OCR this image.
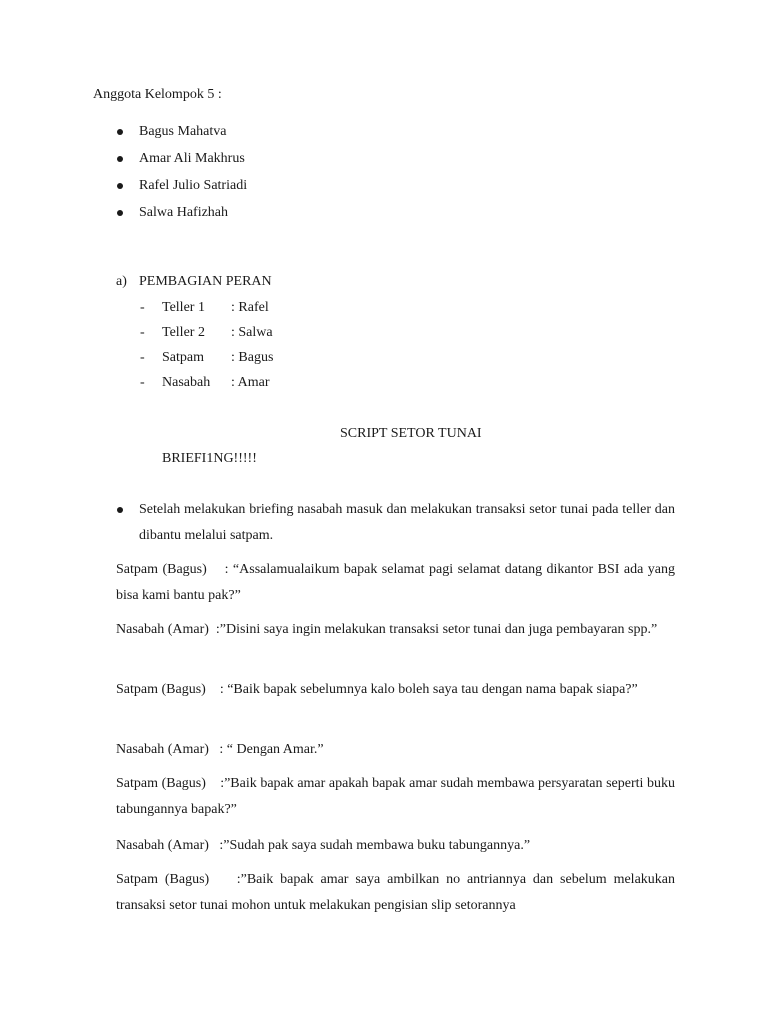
Anggota Kelompok 5 :
Bagus Mahatva
Amar Ali Makhrus
Rafel Julio Satriadi
Salwa Hafizhah
a) PEMBAGIAN PERAN
- Teller 1 : Rafel
- Teller 2 : Salwa
- Satpam : Bagus
- Nasabah : Amar
SCRIPT SETOR TUNAI
BRIEFI1NG!!!!!
Setelah melakukan briefing nasabah masuk dan melakukan transaksi setor tunai pada teller dan dibantu melalui satpam.
Satpam (Bagus)    : “Assalamualaikum bapak selamat pagi selamat datang dikantor BSI ada yang bisa kami bantu pak?”
Nasabah (Amar)  :”Disini saya ingin melakukan transaksi setor tunai dan juga pembayaran spp.”
Satpam (Bagus)    : “Baik bapak sebelumnya kalo boleh saya tau dengan nama bapak siapa?”
Nasabah (Amar)   : “ Dengan Amar.”
Satpam (Bagus)    :”Baik bapak amar apakah bapak amar sudah membawa persyaratan seperti buku tabungannya bapak?”
Nasabah (Amar)   :”Sudah pak saya sudah membawa buku tabungannya.”
Satpam (Bagus)    :”Baik bapak amar saya ambilkan no antriannya dan sebelum melakukan transaksi setor tunai mohon untuk melakukan pengisian slip setorannya
